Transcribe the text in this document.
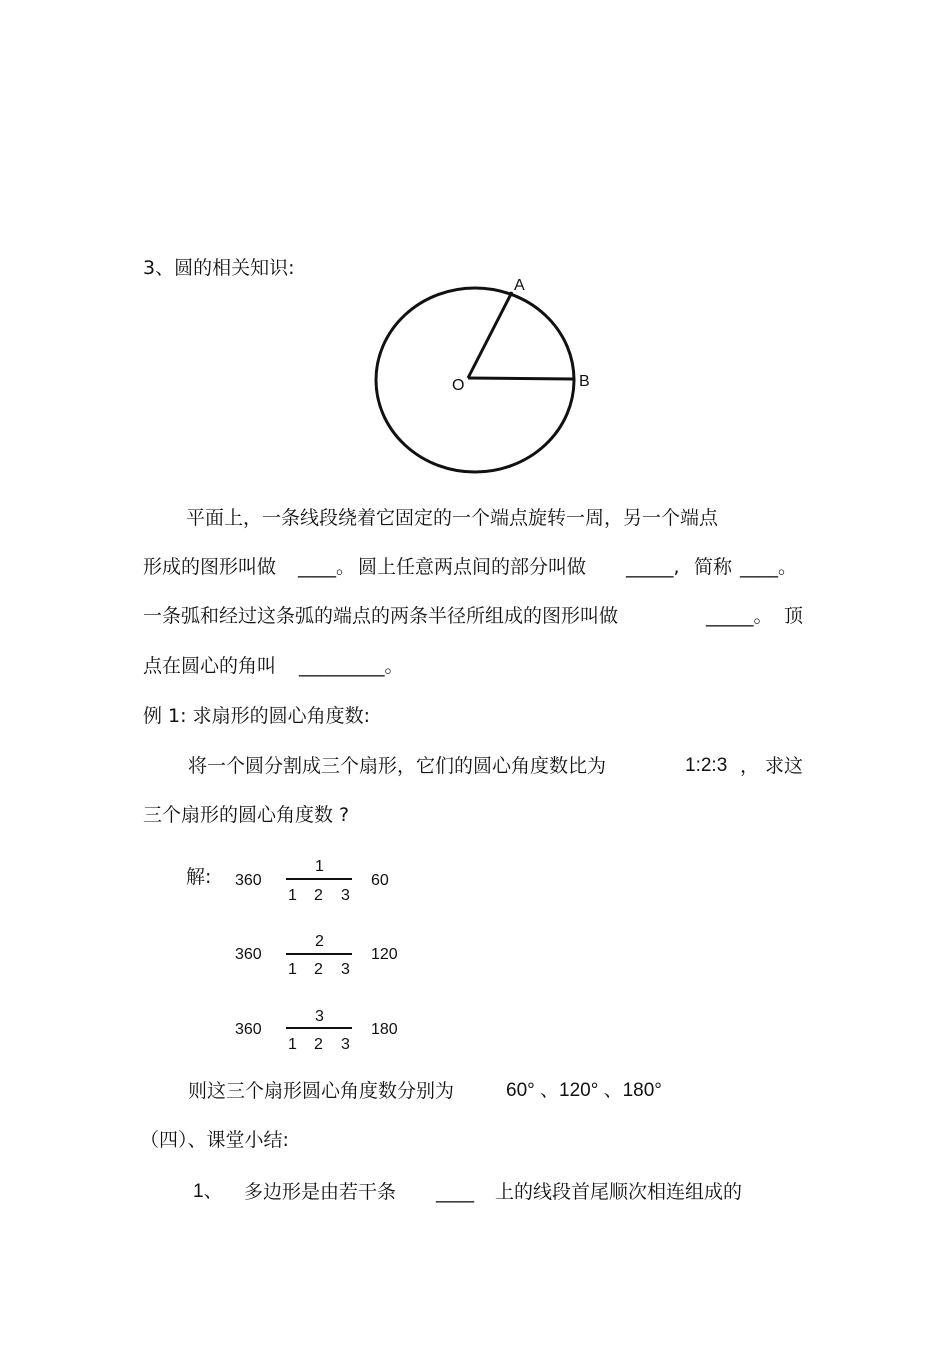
3、圆的相关知识:
A
B
O
平面上，一条线段绕着它固定的一个端点旋转一周，另一个端点
形成的图形叫做 ____。 圆上任意两点间的部分叫做 _____, 简称 ____。
一条弧和经过这条弧的端点的两条半径所组成的图形叫做	_____。 顶
点在圆心的角叫 _________。
例 1: 求扇形的圆心角度数:
将一个圆分割成三个扇形，它们的圆心角度数比为	1:2:3 ， 求这
三个扇形的圆心角度数 ?
解: 360
1
1 2 3
60
360
2
1 2 3
120
360
3
1 2 3
180
则这三个扇形圆心角度数分别为	60° 、120° 、180°
（四）、课堂小结:
1、 多边形是由若干条 ____ 上的线段首尾顺次相连组成的
